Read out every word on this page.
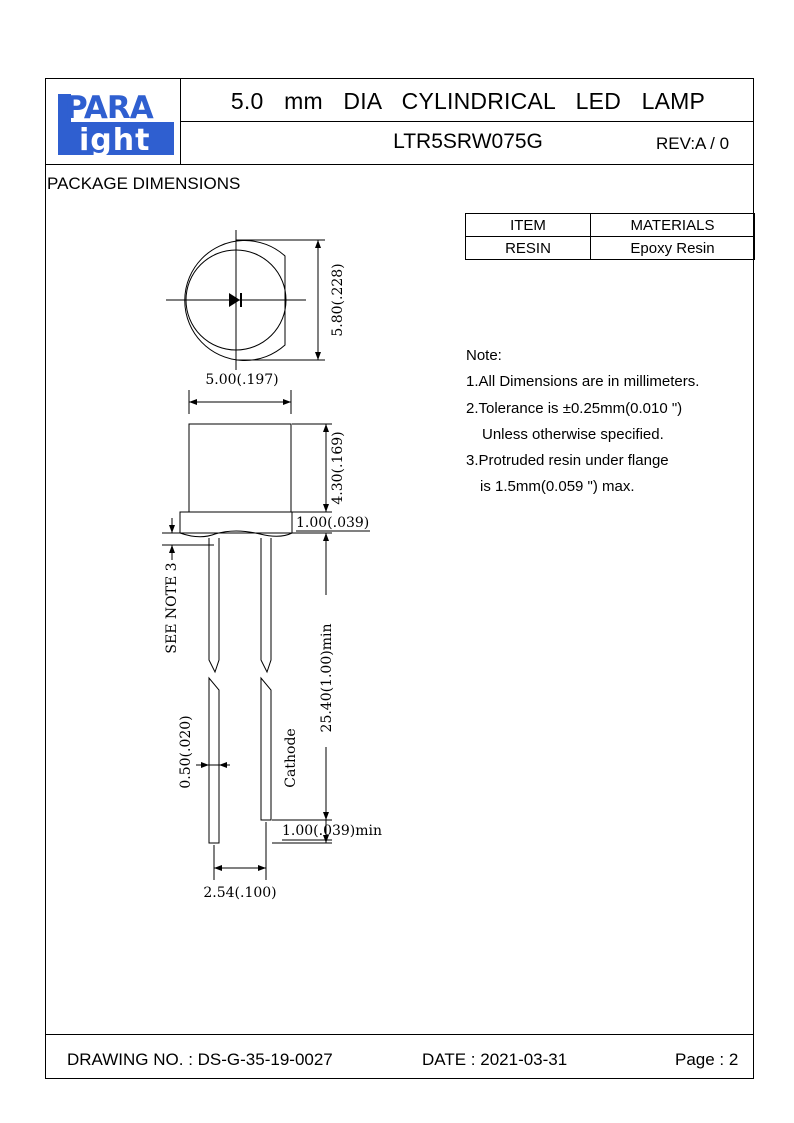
PARA
ight
5.0 mm DIA CYLINDRICAL LED LAMP
LTR5SRW075G	REV:A / 0
PACKAGE DIMENSIONS
ITEM	MATERIALS
RESIN	Epoxy Resin
Note:
1.All Dimensions are in millimeters.
2.Tolerance is ±0.25mm(0.010 ")
Unless otherwise specified.
3.Protruded resin under flange
is 1.5mm(0.059 ") max.
5.80(.228)
5.00(.197)
4.30(.169)
1.00(.039)
SEE NOTE 3
25.40(1.00)min
0.50(.020)	Cathode
1.00(.039)min
2.54(.100)
DRAWING NO. : DS-G-35-19-0027	DATE : 2021-03-31	Page : 2
